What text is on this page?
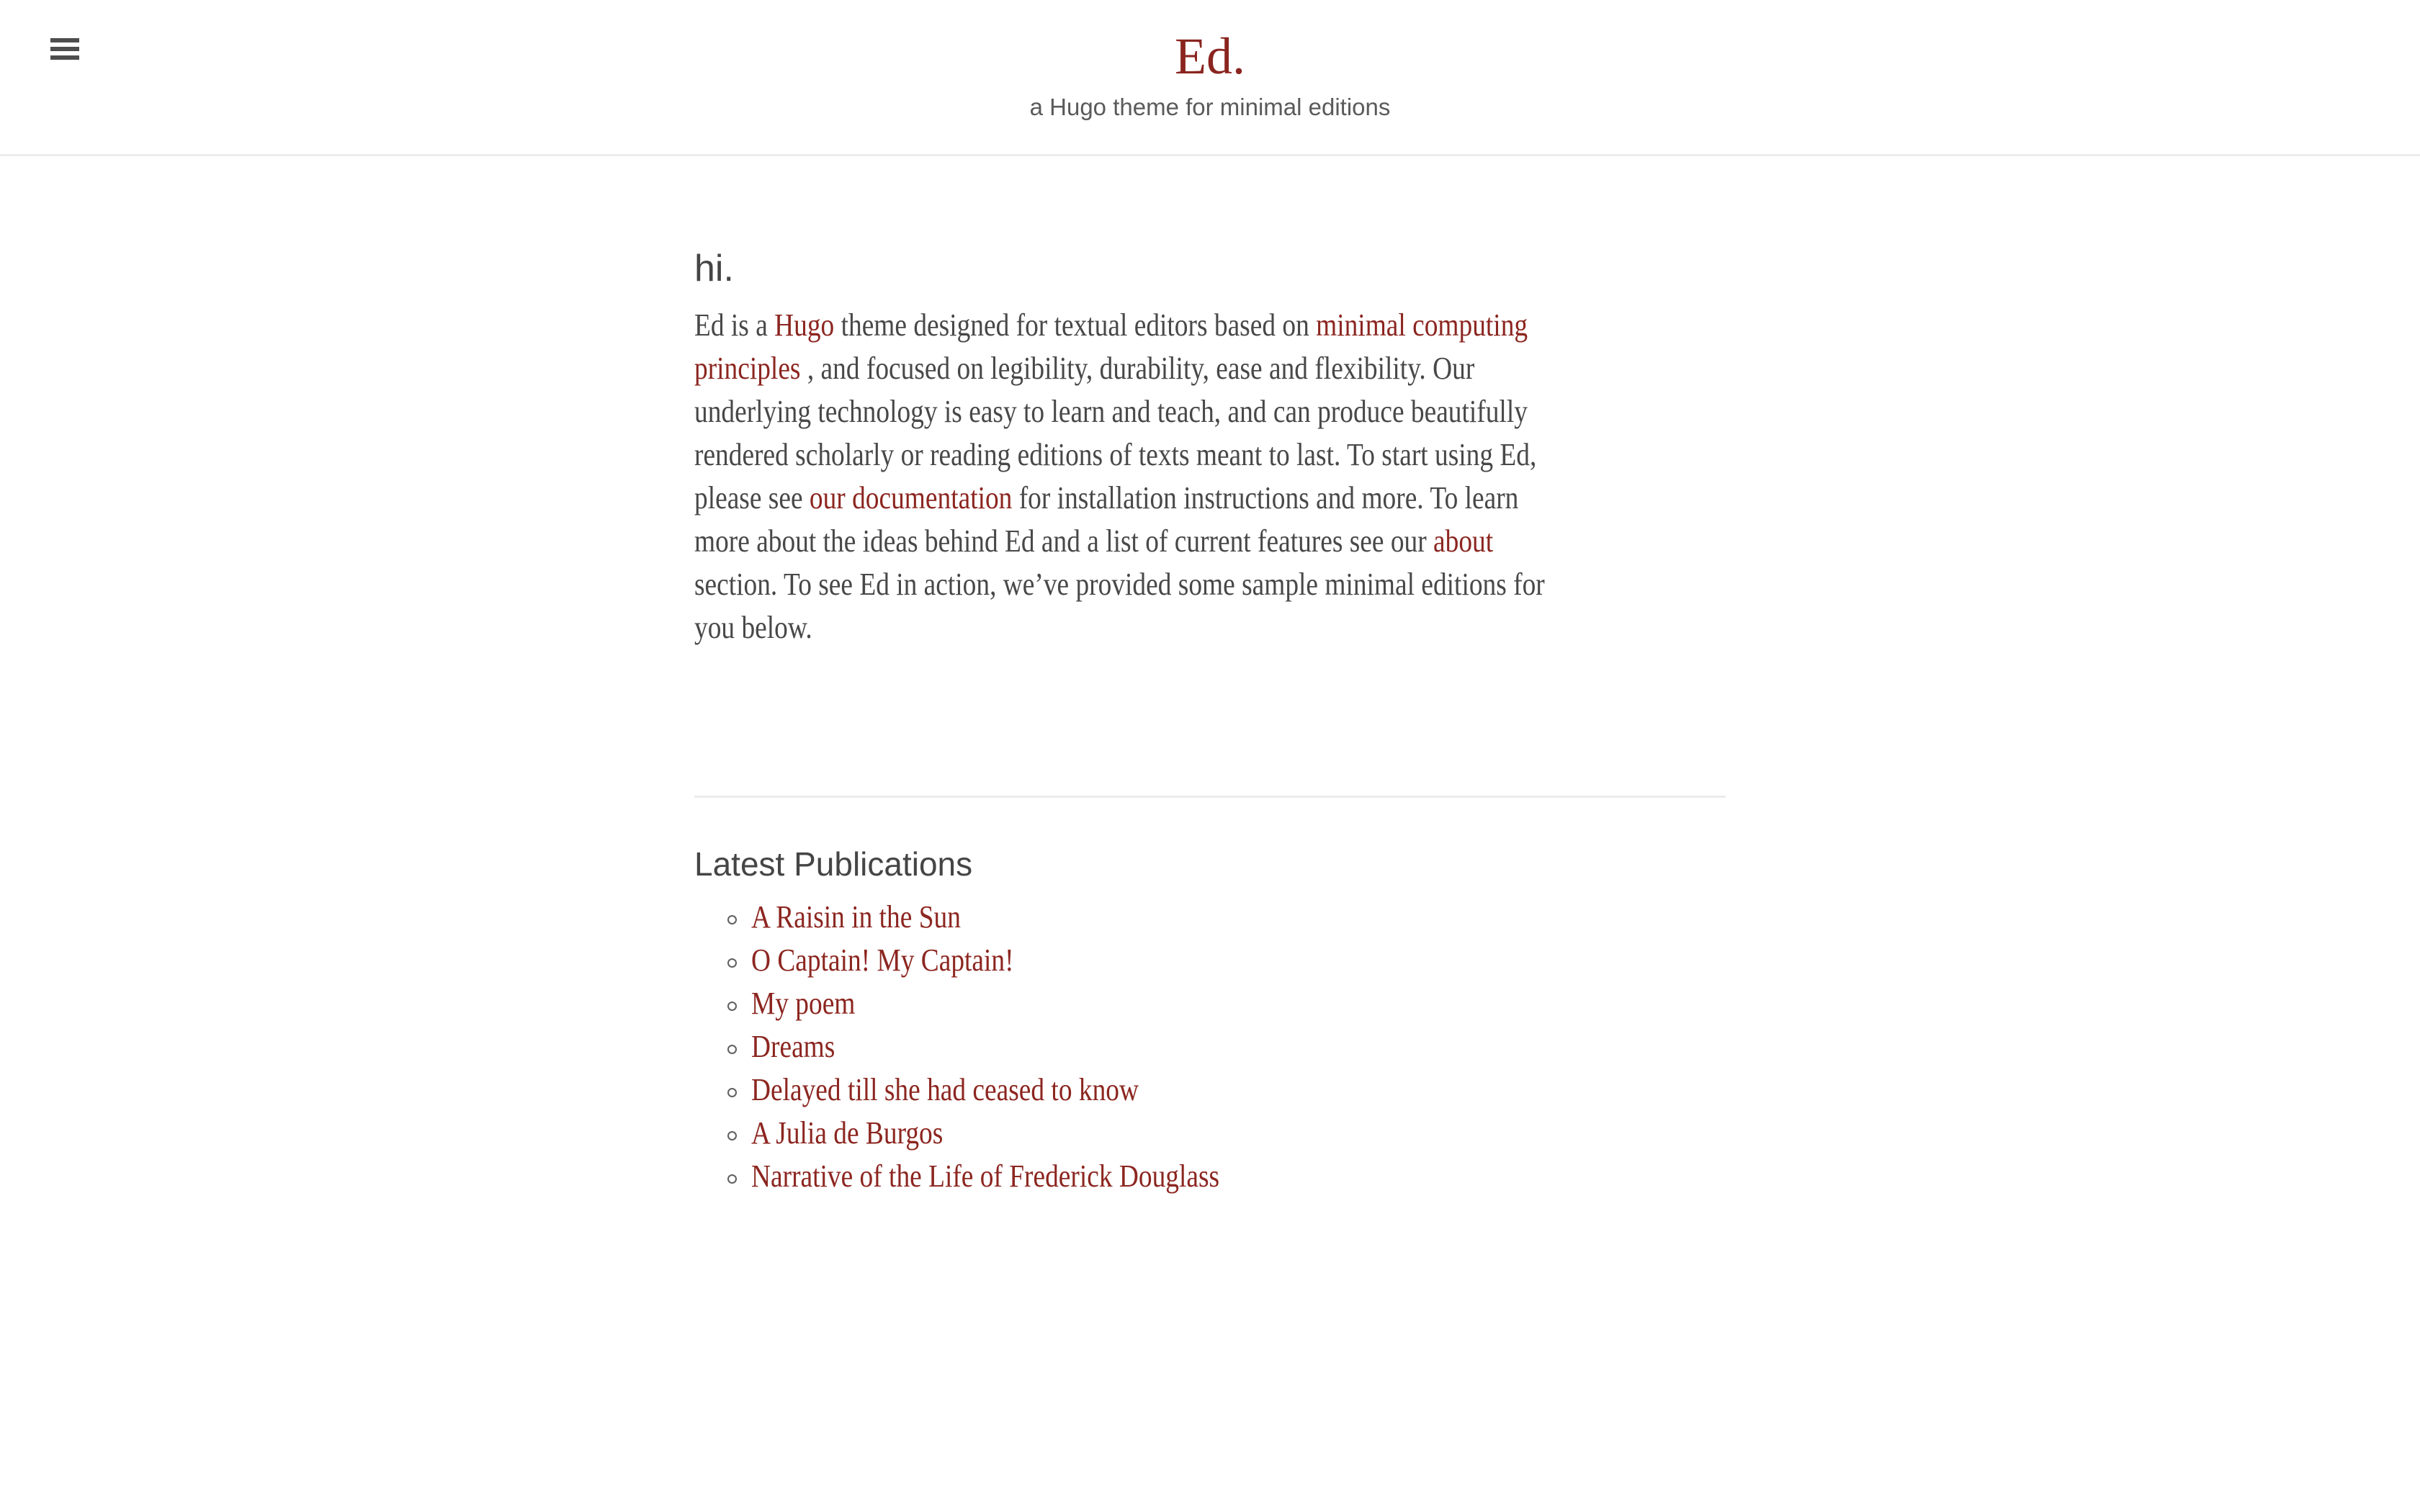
Ed.
a Hugo theme for minimal editions
hi.
Ed is a Hugo theme designed for textual editors based on minimal computing
principles , and focused on legibility, durability, ease and flexibility. Our
underlying technology is easy to learn and teach, and can produce beautifully
rendered scholarly or reading editions of texts meant to last. To start using Ed,
please see our documentation for installation instructions and more. To learn
more about the ideas behind Ed and a list of current features see our about
section. To see Ed in action, we’ve provided some sample minimal editions for
you below.
Latest Publications
A Raisin in the Sun
O Captain! My Captain!
My poem
Dreams
Delayed till she had ceased to know
A Julia de Burgos
Narrative of the Life of Frederick Douglass
